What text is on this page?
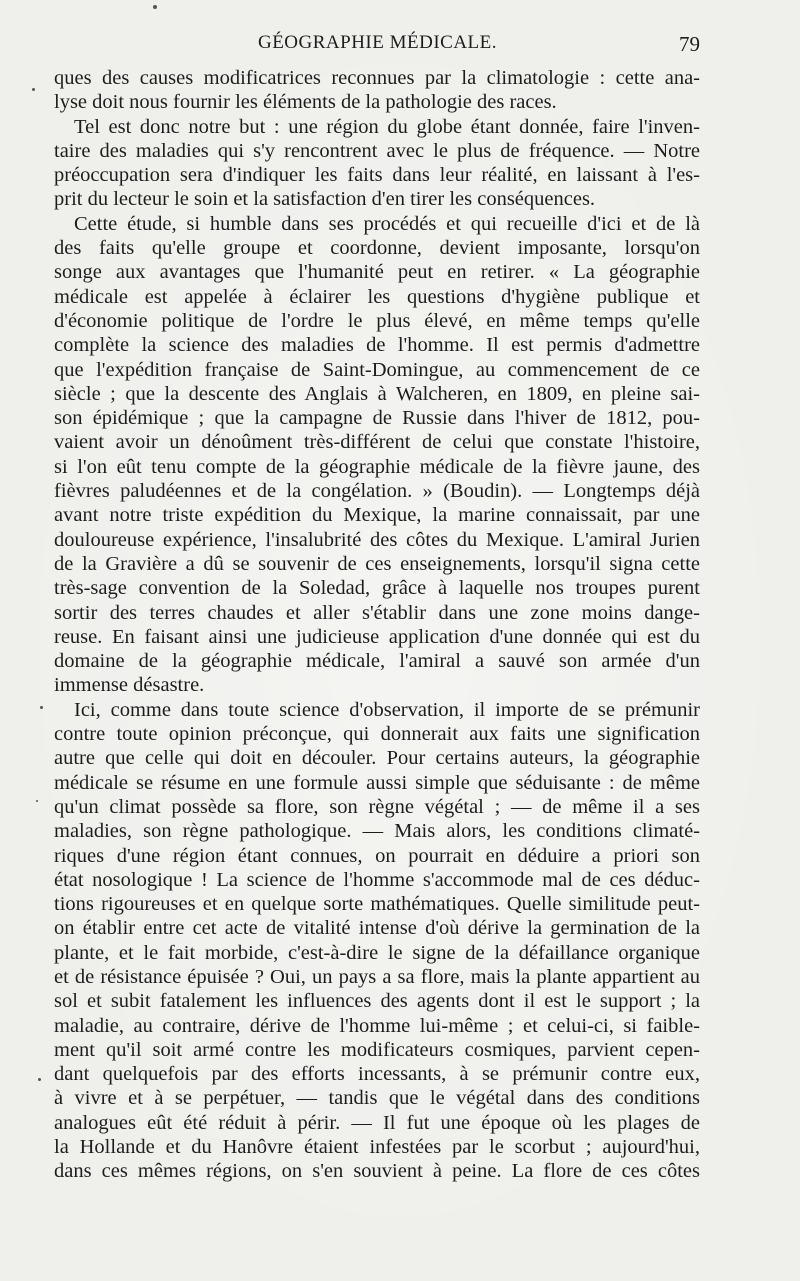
GÉOGRAPHIE MÉDICALE.	79
ques des causes modificatrices reconnues par la climatologie : cette ana-
lyse doit nous fournir les éléments de la pathologie des races.
Tel est donc notre but : une région du globe étant donnée, faire l'inven-
taire des maladies qui s'y rencontrent avec le plus de fréquence. — Notre
préoccupation sera d'indiquer les faits dans leur réalité, en laissant à l'es-
prit du lecteur le soin et la satisfaction d'en tirer les conséquences.
Cette étude, si humble dans ses procédés et qui recueille d'ici et de là
des faits qu'elle groupe et coordonne, devient imposante, lorsqu'on
songe aux avantages que l'humanité peut en retirer. « La géographie
médicale est appelée à éclairer les questions d'hygiène publique et
d'économie politique de l'ordre le plus élevé, en même temps qu'elle
complète la science des maladies de l'homme. Il est permis d'admettre
que l'expédition française de Saint-Domingue, au commencement de ce
siècle ; que la descente des Anglais à Walcheren, en 1809, en pleine sai-
son épidémique ; que la campagne de Russie dans l'hiver de 1812, pou-
vaient avoir un dénoûment très-différent de celui que constate l'histoire,
si l'on eût tenu compte de la géographie médicale de la fièvre jaune, des
fièvres paludéennes et de la congélation. » (Boudin). — Longtemps déjà
avant notre triste expédition du Mexique, la marine connaissait, par une
douloureuse expérience, l'insalubrité des côtes du Mexique. L'amiral Jurien
de la Gravière a dû se souvenir de ces enseignements, lorsqu'il signa cette
très-sage convention de la Soledad, grâce à laquelle nos troupes purent
sortir des terres chaudes et aller s'établir dans une zone moins dange-
reuse. En faisant ainsi une judicieuse application d'une donnée qui est du
domaine de la géographie médicale, l'amiral a sauvé son armée d'un
immense désastre.
Ici, comme dans toute science d'observation, il importe de se prémunir
contre toute opinion préconçue, qui donnerait aux faits une signification
autre que celle qui doit en découler. Pour certains auteurs, la géographie
médicale se résume en une formule aussi simple que séduisante : de même
qu'un climat possède sa flore, son règne végétal ; — de même il a ses
maladies, son règne pathologique. — Mais alors, les conditions climaté-
riques d'une région étant connues, on pourrait en déduire a priori son
état nosologique ! La science de l'homme s'accommode mal de ces déduc-
tions rigoureuses et en quelque sorte mathématiques. Quelle similitude peut-
on établir entre cet acte de vitalité intense d'où dérive la germination de la
plante, et le fait morbide, c'est-à-dire le signe de la défaillance organique
et de résistance épuisée ? Oui, un pays a sa flore, mais la plante appartient au
sol et subit fatalement les influences des agents dont il est le support ; la
maladie, au contraire, dérive de l'homme lui-même ; et celui-ci, si faible-
ment qu'il soit armé contre les modificateurs cosmiques, parvient cepen-
dant quelquefois par des efforts incessants, à se prémunir contre eux,
à vivre et à se perpétuer, — tandis que le végétal dans des conditions
analogues eût été réduit à périr. — Il fut une époque où les plages de
la Hollande et du Hanôvre étaient infestées par le scorbut ; aujourd'hui,
dans ces mêmes régions, on s'en souvient à peine. La flore de ces côtes
